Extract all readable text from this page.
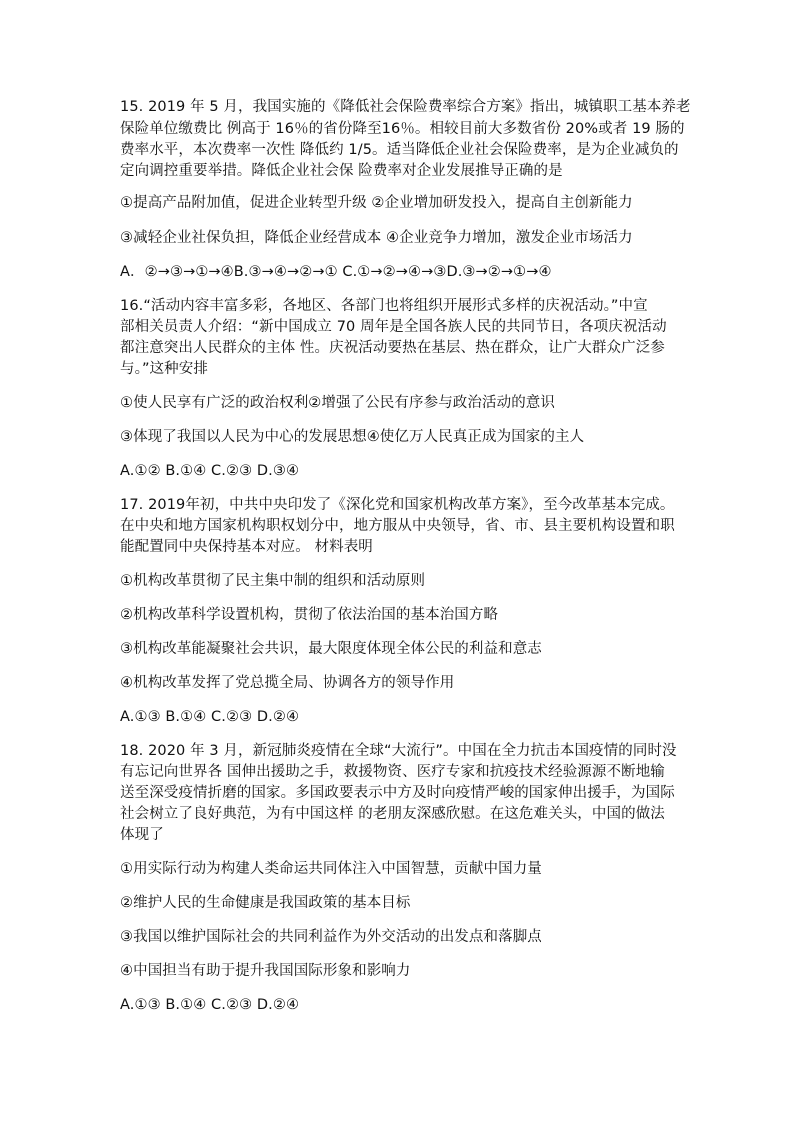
15. 2019 年 5 月，我国实施的《降低社会保险费率综合方案》指出，城镇职工基本养老
保险单位缴费比 例高于 16％的省份降至16％。相较目前大多数省份 20%或者 19 肠的
费率水平，本次费率一次性 降低约 1/5。适当降低企业社会保险费率，是为企业减负的
定向调控重要举措。降低企业社会保 险费率对企业发展推导正确的是
①提高产品附加值，促进企业转型升级 ②企业增加研发投入，提高自主创新能力
③减轻企业社保负担，降低企业经营成本 ④企业竞争力增加，激发企业市场活力
A．②→③→①→④B.③→④→②→① C.①→②→④→③D.③→②→①→④
16.“活动内容丰富多彩，各地区、各部门也将组织开展形式多样的庆祝活动。”中宣
部相关员责人介绍：“新中国成立 70 周年是全国各族人民的共同节日，各项庆祝活动
都注意突出人民群众的主体 性。庆祝活动要热在基层、热在群众，让广大群众广泛参
与。”这种安排
①使人民享有广泛的政治权利②增强了公民有序参与政治活动的意识
③体现了我国以人民为中心的发展思想④使亿万人民真正成为国家的主人
A.①② B.①④ C.②③ D.③④
17. 2019年初，中共中央印发了《深化党和国家机构改革方案》，至今改革基本完成。
在中央和地方国家机构职权划分中，地方服从中央领导，省、市、县主要机构设置和职
能配置同中央保持基本对应。 材料表明
①机构改革贯彻了民主集中制的组织和活动原则
②机构改革科学设置机构，贯彻了依法治国的基本治国方略
③机构改革能凝聚社会共识，最大限度体现全体公民的利益和意志
④机构改革发挥了党总揽全局、协调各方的领导作用
A.①③ B.①④ C.②③ D.②④
18. 2020 年 3 月，新冠肺炎疫情在全球“大流行”。中国在全力抗击本国疫情的同时没
有忘记向世界各 国伸出援助之手，救援物资、医疗专家和抗疫技术经验源源不断地输
送至深受疫情折磨的国家。多国政要表示中方及时向疫情严峻的国家伸出援手，为国际
社会树立了良好典范，为有中国这样 的老朋友深感欣慰。在这危难关头，中国的做法
体现了
①用实际行动为构建人类命运共同体注入中国智慧，贡献中国力量
②维护人民的生命健康是我国政策的基本目标
③我国以维护国际社会的共同利益作为外交活动的出发点和落脚点
④中国担当有助于提升我国国际形象和影响力
A.①③ B.①④ C.②③ D.②④
